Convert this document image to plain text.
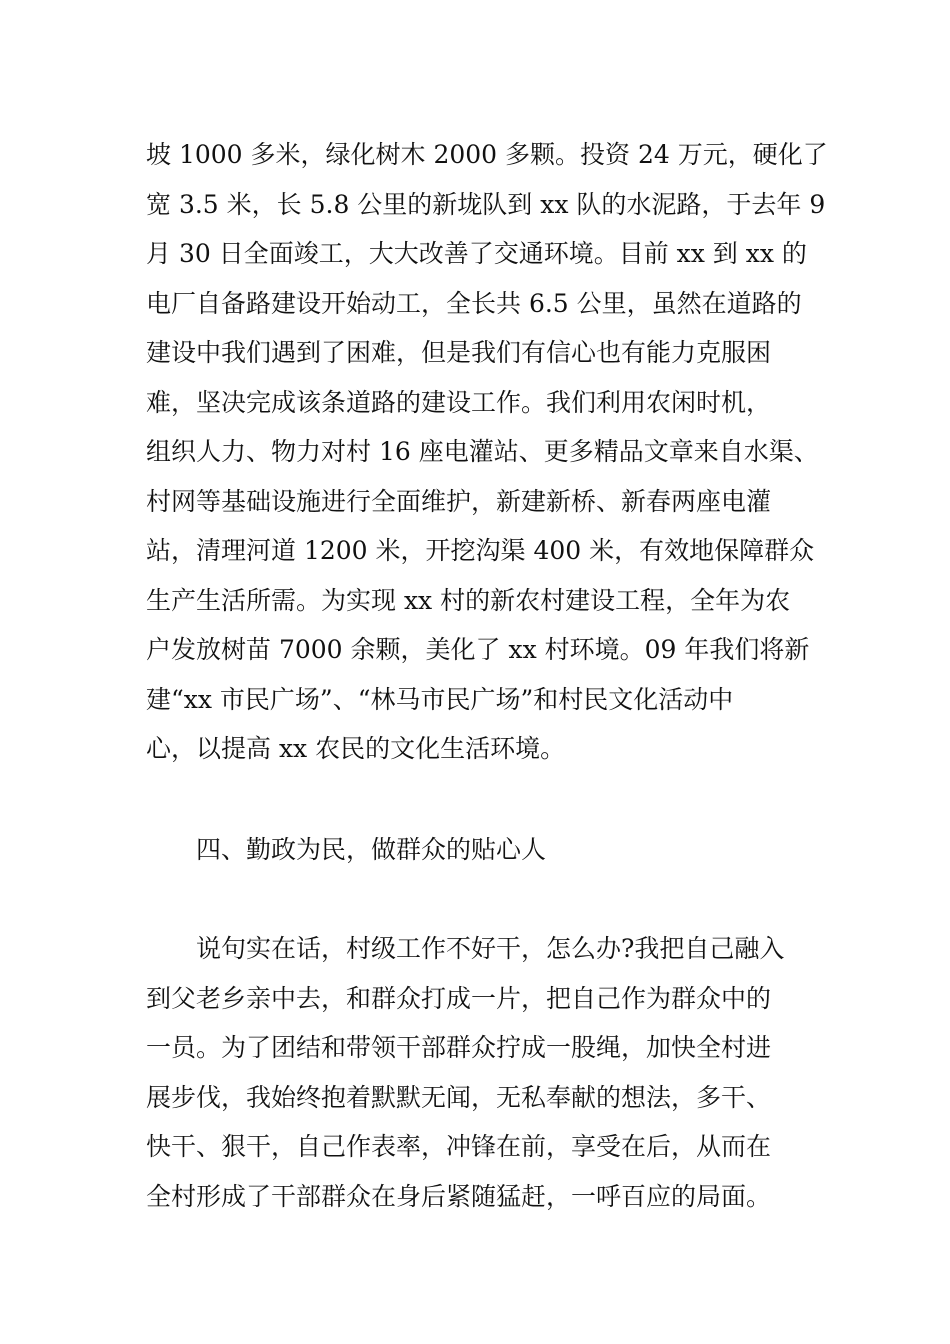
坡 1000 多米，绿化树木 2000 多颗。投资 24 万元，硬化了
宽 3.5 米，长 5.8 公里的新垅队到 xx 队的水泥路，于去年 9
月 30 日全面竣工，大大改善了交通环境。目前 xx 到 xx 的
电厂自备路建设开始动工，全长共 6.5 公里，虽然在道路的
建设中我们遇到了困难，但是我们有信心也有能力克服困
难，坚决完成该条道路的建设工作。我们利用农闲时机，
组织人力、物力对村 16 座电灌站、更多精品文章来自水渠、
村网等基础设施进行全面维护，新建新桥、新春两座电灌
站，清理河道 1200 米，开挖沟渠 400 米，有效地保障群众
生产生活所需。为实现 xx 村的新农村建设工程，全年为农
户发放树苗 7000 余颗，美化了 xx 村环境。09 年我们将新
建“xx 市民广场”、“林马市民广场”和村民文化活动中
心，以提高 xx 农民的文化生活环境。
四、勤政为民，做群众的贴心人
说句实在话，村级工作不好干，怎么办?我把自己融入
到父老乡亲中去，和群众打成一片，把自己作为群众中的
一员。为了团结和带领干部群众拧成一股绳，加快全村进
展步伐，我始终抱着默默无闻，无私奉献的想法，多干、
快干、狠干，自己作表率，冲锋在前，享受在后，从而在
全村形成了干部群众在身后紧随猛赶，一呼百应的局面。
